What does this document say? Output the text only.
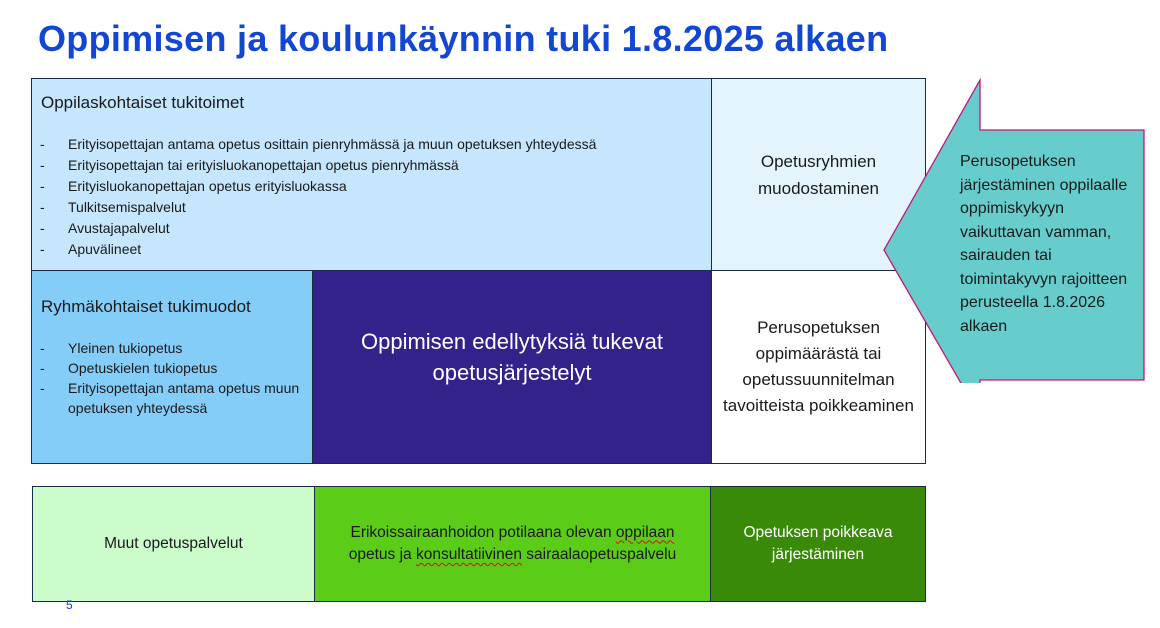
Oppimisen ja koulunkäynnin tuki 1.8.2025 alkaen

Oppilaskohtaiset tukitoimet

- Erityisopettajan antama opetus osittain pienryhmässä ja muun opetuksen yhteydessä
- Erityisopettajan tai erityisluokanopettajan opetus pienryhmässä
- Erityisluokanopettajan opetus erityisluokassa
- Tulkitsemispalvelut
- Avustajapalvelut
- Apuvälineet
Opetusryhmien muodostaminen

Ryhmäkohtaiset tukimuodot

- Yleinen tukiopetus
- Opetuskielen tukiopetus
- Erityisopettajan antama opetus muun opetuksen yhteydessä
Oppimisen edellytyksiä tukevat opetusjärjestelyt
Perusopetuksen oppimäärästä tai opetussuunnitelman tavoitteista poikkeaminen
Perusopetuksen järjestäminen oppilaalle oppimiskykyyn vaikuttavan vamman, sairauden tai toimintakyvyn rajoitteen perusteella 1.8.2026 alkaen
Muut opetuspalvelut
Erikoissairaanhoidon potilaana olevan oppilaan opetus ja konsultatiivinen sairaalaopetuspalvelu
Opetuksen poikkeava järjestäminen
5
